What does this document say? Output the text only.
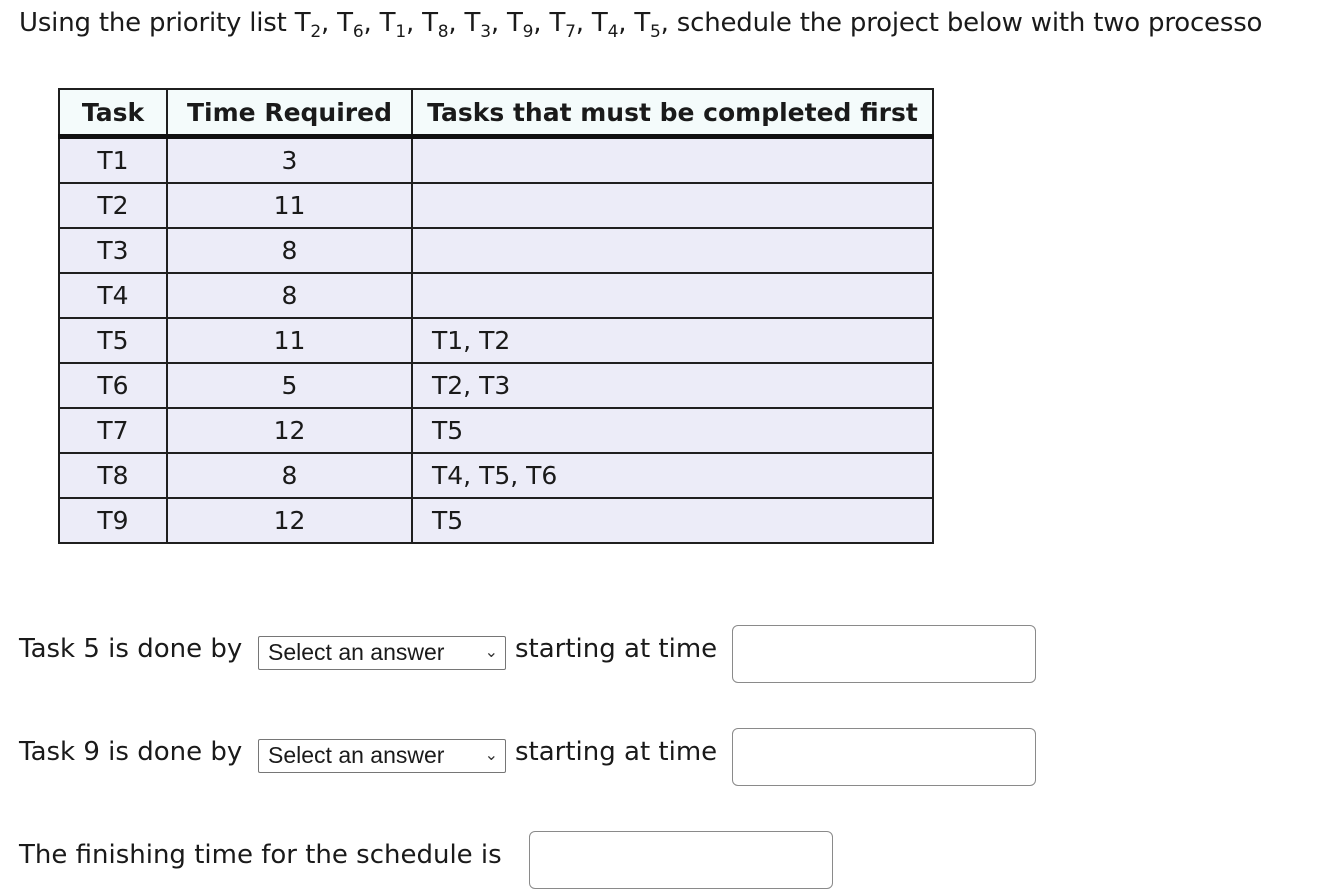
Using the priority list $T_2$, $T_6$, $T_1$, $T_8$, $T_3$, $T_9$, $T_7$, $T_4$, $T_5$, schedule the project below with two processo
Task	Time Required	Tasks that must be completed first
T1	3	
T2	11	
T3	8	
T4	8	
T5	11	T1, T2
T6	5	T2, T3
T7	12	T5
T8	8	T4, T5, T6
T9	12	T5
Task 5 is done by	Select an answer	⌄ starting at time
Task 9 is done by	Select an answer	⌄ starting at time
The finishing time for the schedule is
